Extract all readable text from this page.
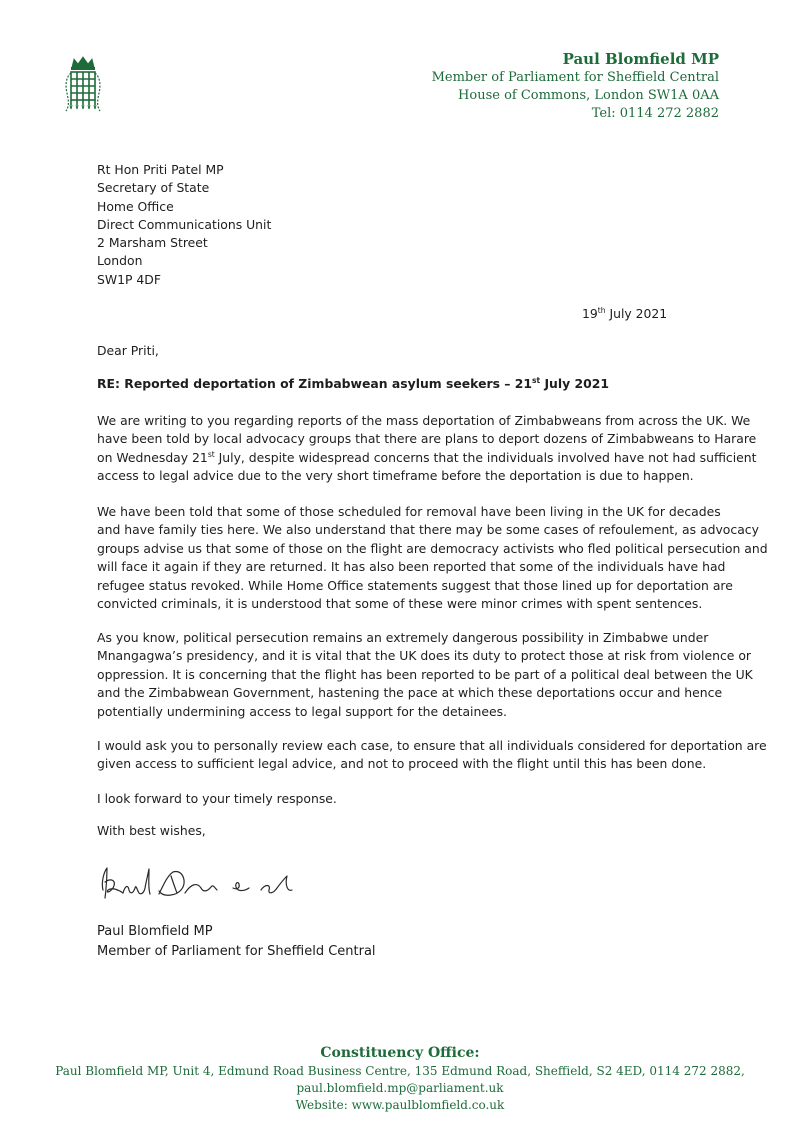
Paul Blomfield MP
Member of Parliament for Sheffield Central
House of Commons, London SW1A 0AA
Tel: 0114 272 2882
Rt Hon Priti Patel MP
Secretary of State
Home Office
Direct Communications Unit
2 Marsham Street
London
SW1P 4DF
19th July 2021
Dear Priti,
RE: Reported deportation of Zimbabwean asylum seekers – 21st July 2021

We are writing to you regarding reports of the mass deportation of Zimbabweans from across the UK. We
have been told by local advocacy groups that there are plans to deport dozens of Zimbabweans to Harare
on Wednesday 21st July, despite widespread concerns that the individuals involved have not had sufficient
access to legal advice due to the very short timeframe before the deportation is due to happen.

We have been told that some of those scheduled for removal have been living in the UK for decades
and have family ties here. We also understand that there may be some cases of refoulement, as advocacy
groups advise us that some of those on the flight are democracy activists who fled political persecution and
will face it again if they are returned. It has also been reported that some of the individuals have had
refugee status revoked. While Home Office statements suggest that those lined up for deportation are
convicted criminals, it is understood that some of these were minor crimes with spent sentences.

As you know, political persecution remains an extremely dangerous possibility in Zimbabwe under
Mnangagwa’s presidency, and it is vital that the UK does its duty to protect those at risk from violence or
oppression. It is concerning that the flight has been reported to be part of a political deal between the UK
and the Zimbabwean Government, hastening the pace at which these deportations occur and hence
potentially undermining access to legal support for the detainees.

I would ask you to personally review each case, to ensure that all individuals considered for deportation are
given access to sufficient legal advice, and not to proceed with the flight until this has been done.

I look forward to your timely response.

With best wishes,

Paul Blomfield MP
Member of Parliament for Sheffield Central
Constituency Office:
Paul Blomfield MP, Unit 4, Edmund Road Business Centre, 135 Edmund Road, Sheffield, S2 4ED, 0114 272 2882,
paul.blomfield.mp@parliament.uk
Website: www.paulblomfield.co.uk
